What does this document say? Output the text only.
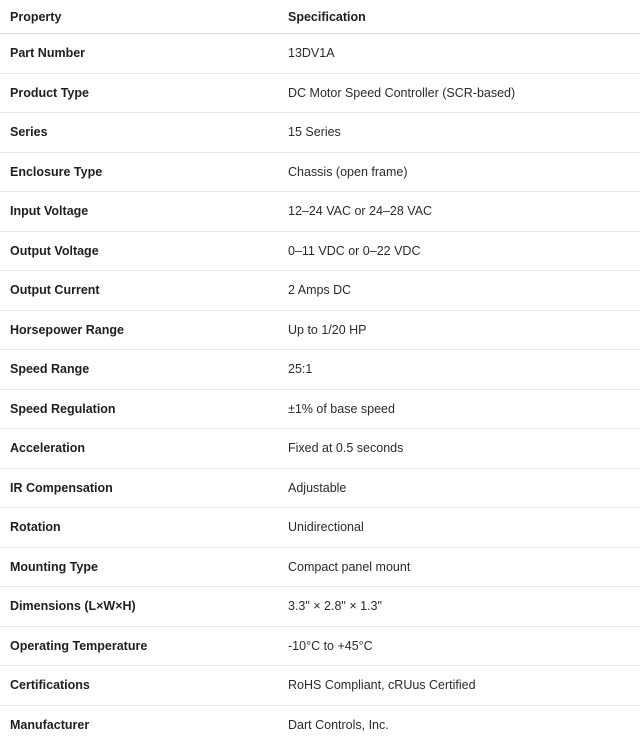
Property	Specification
Part Number	13DV1A
Product Type	DC Motor Speed Controller (SCR-based)
Series	15 Series
Enclosure Type	Chassis (open frame)
Input Voltage	12–24 VAC or 24–28 VAC
Output Voltage	0–11 VDC or 0–22 VDC
Output Current	2 Amps DC
Horsepower Range	Up to 1/20 HP
Speed Range	25:1
Speed Regulation	±1% of base speed
Acceleration	Fixed at 0.5 seconds
IR Compensation	Adjustable
Rotation	Unidirectional
Mounting Type	Compact panel mount
Dimensions (L×W×H)	3.3" × 2.8" × 1.3"
Operating Temperature	-10°C to +45°C
Certifications	RoHS Compliant, cRUus Certified
Manufacturer	Dart Controls, Inc.
